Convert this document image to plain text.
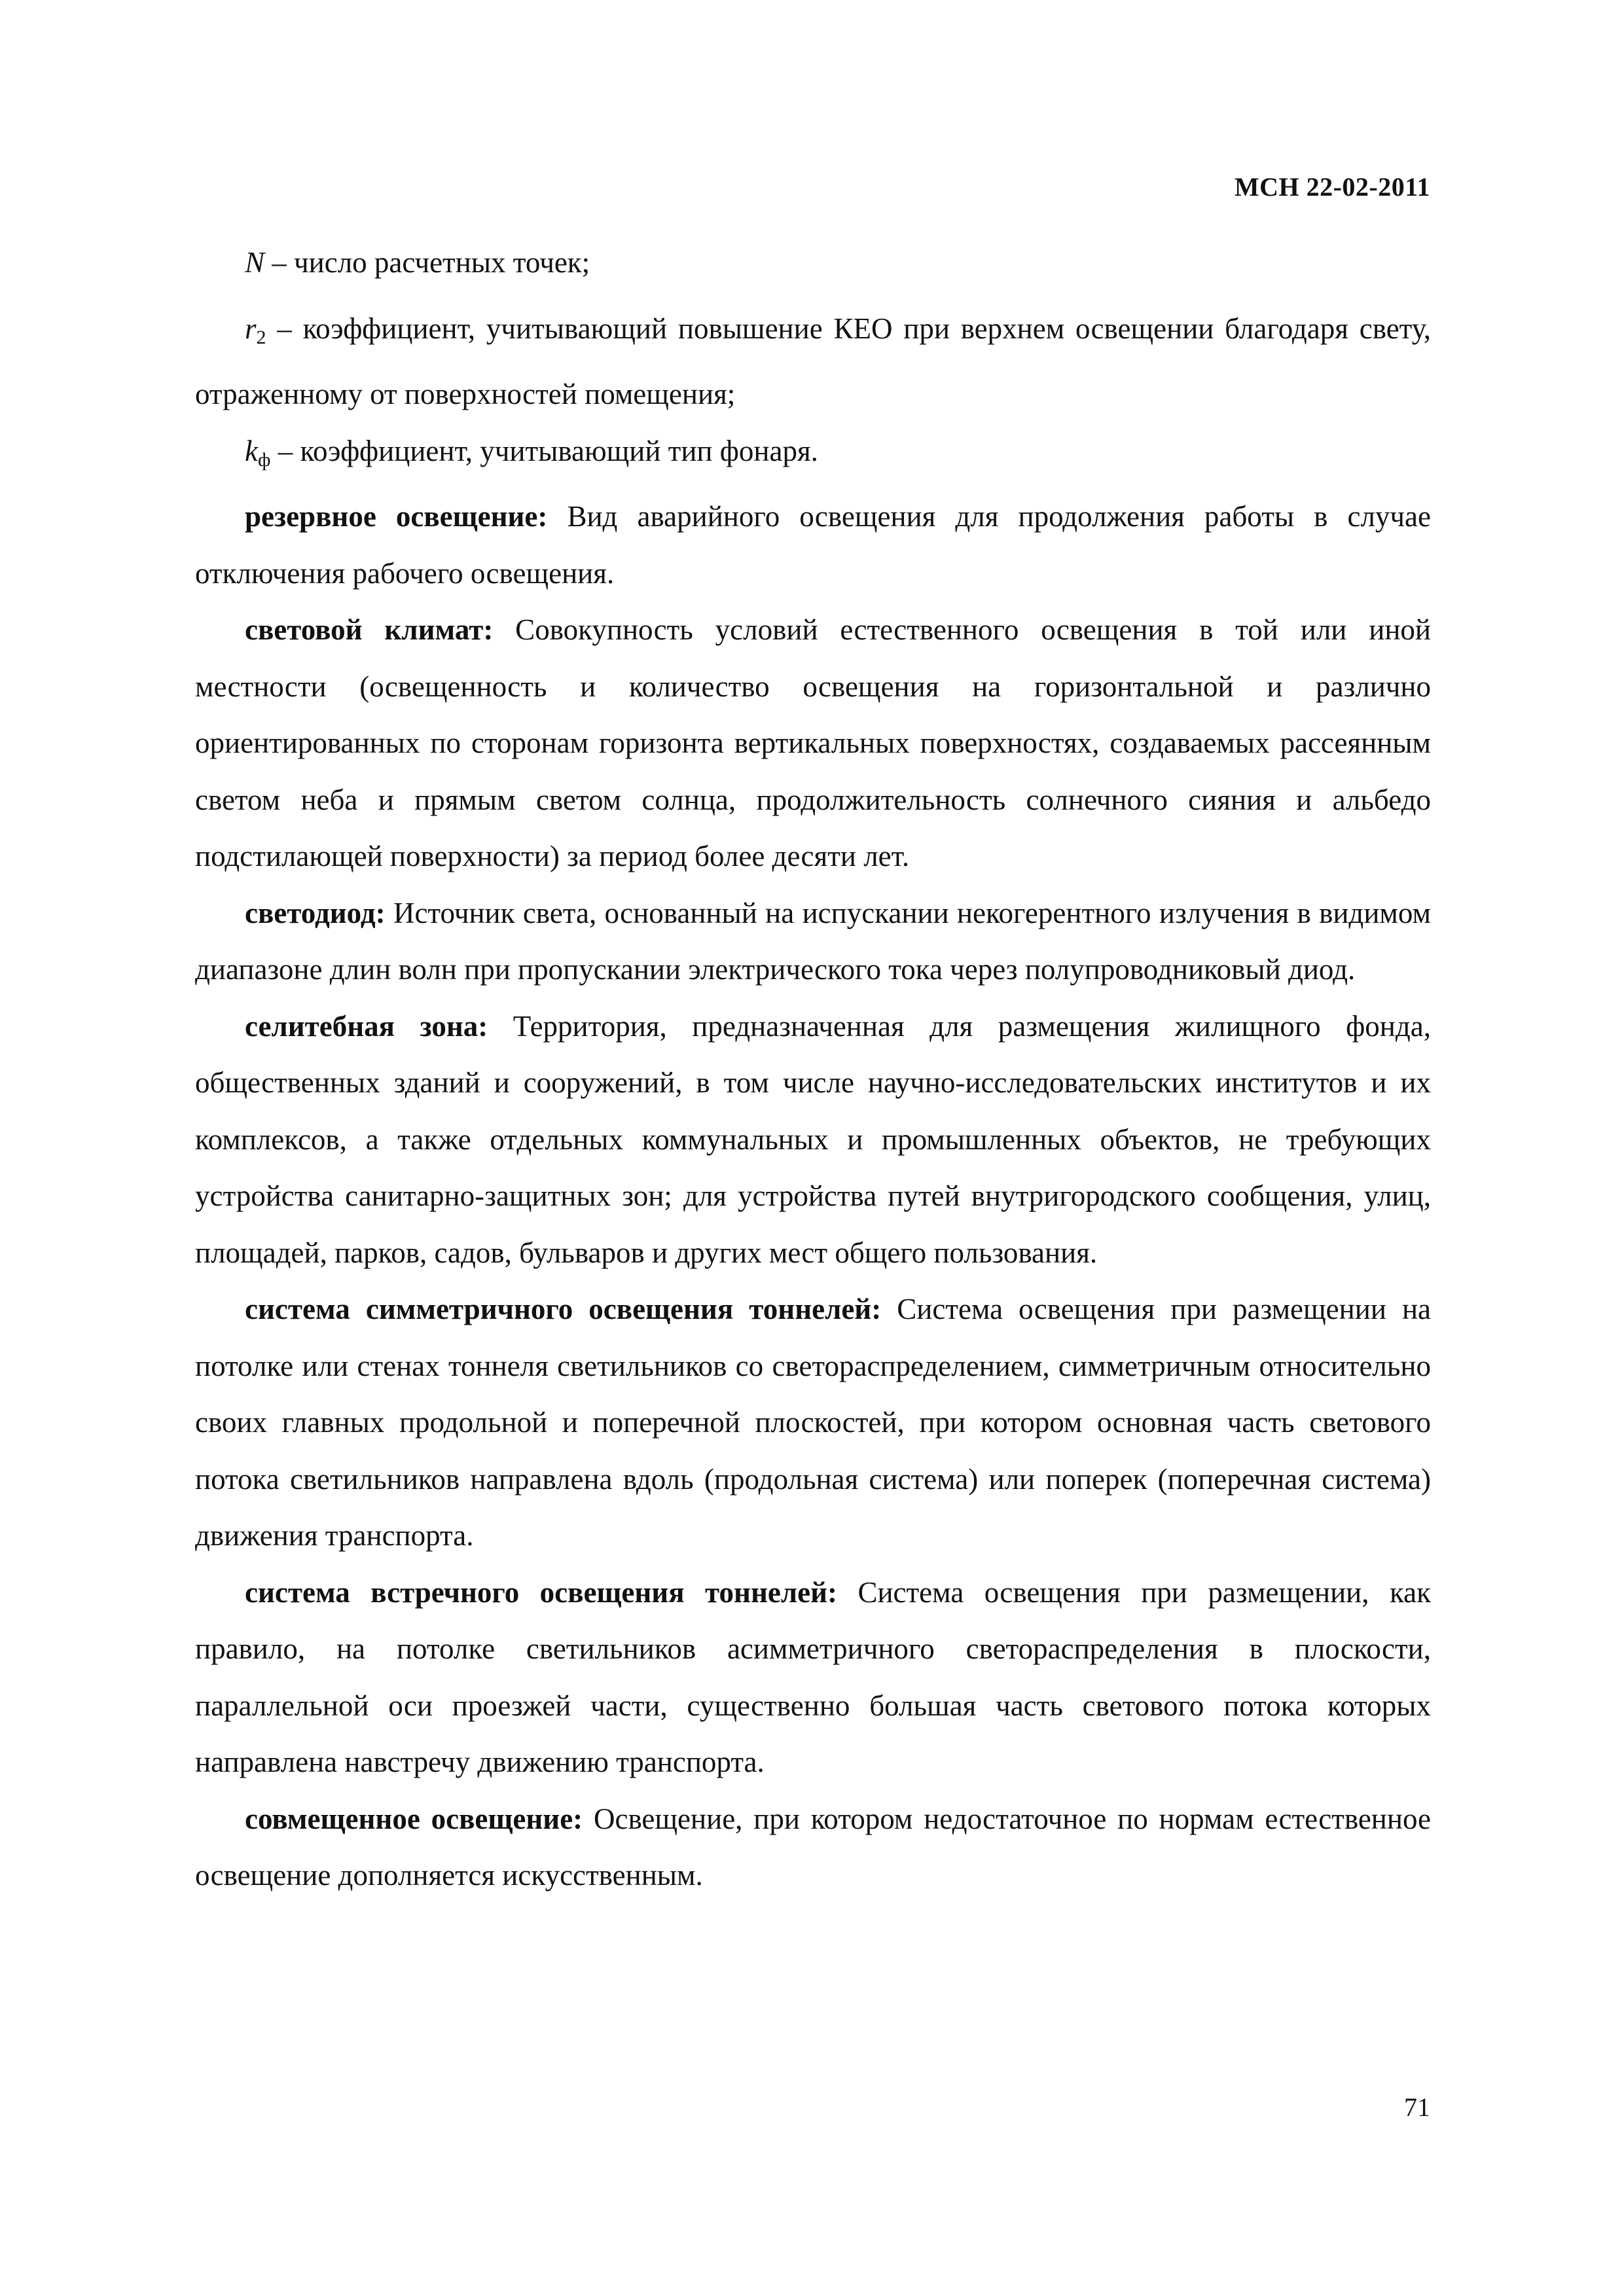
МСН 22-02-2011

N – число расчетных точек;

$r_2$ – коэффициент, учитывающий повышение КЕО при верхнем освещении благодаря свету, отраженному от поверхностей помещения;

$k_ф$ – коэффициент, учитывающий тип фонаря.

резервное освещение: Вид аварийного освещения для продолжения работы в случае отключения рабочего освещения.

световой климат: Совокупность условий естественного освещения в той или иной местности (освещенность и количество освещения на горизонтальной и различно ориентированных по сторонам горизонта вертикальных поверхностях, создаваемых рассеянным светом неба и прямым светом солнца, продолжительность солнечного сияния и альбедо подстилающей поверхности) за период более десяти лет.

светодиод: Источник света, основанный на испускании некогерентного излучения в видимом диапазоне длин волн при пропускании электрического тока через полупроводниковый диод.

селитебная зона: Территория, предназначенная для размещения жилищного фонда, общественных зданий и сооружений, в том числе научно-исследовательских институтов и их комплексов, а также отдельных коммунальных и промышленных объектов, не требующих устройства санитарно-защитных зон; для устройства путей внутригородского сообщения, улиц, площадей, парков, садов, бульваров и других мест общего пользования.

система симметричного освещения тоннелей: Система освещения при размещении на потолке или стенах тоннеля светильников со светораспределением, симметричным относительно своих главных продольной и поперечной плоскостей, при котором основная часть светового потока светильников направлена вдоль (продольная система) или поперек (поперечная система) движения транспорта.

система встречного освещения тоннелей: Система освещения при размещении, как правило, на потолке светильников асимметричного светораспределения в плоскости, параллельной оси проезжей части, существенно большая часть светового потока которых направлена навстречу движению транспорта.

совмещенное освещение: Освещение, при котором недостаточное по нормам естественное освещение дополняется искусственным.

71
